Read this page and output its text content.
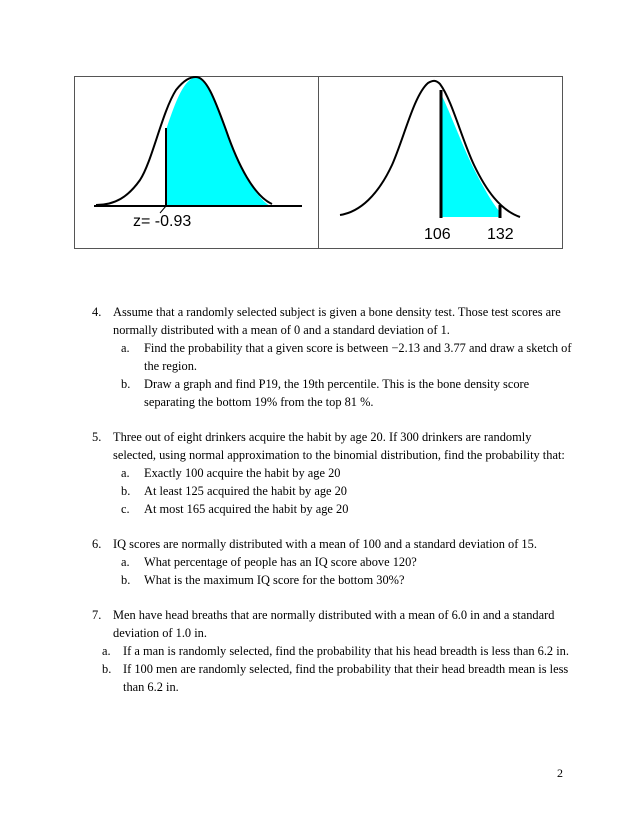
z= -0.93
106 132
4. Assume that a randomly selected subject is given a bone density test. Those test scores are normally distributed with a mean of 0 and a standard deviation of 1.
a. Find the probability that a given score is between −2.13 and 3.77 and draw a sketch of the region.
b. Draw a graph and find P19, the 19th percentile. This is the bone density score separating the bottom 19% from the top 81 %.
5. Three out of eight drinkers acquire the habit by age 20. If 300 drinkers are randomly selected, using normal approximation to the binomial distribution, find the probability that:
a. Exactly 100 acquire the habit by age 20
b. At least 125 acquired the habit by age 20
c. At most 165 acquired the habit by age 20
6. IQ scores are normally distributed with a mean of 100 and a standard deviation of 15.
a. What percentage of people has an IQ score above 120?
b. What is the maximum IQ score for the bottom 30%?
7. Men have head breaths that are normally distributed with a mean of 6.0 in and a standard deviation of 1.0 in.
a. If a man is randomly selected, find the probability that his head breadth is less than 6.2 in.
b. If 100 men are randomly selected, find the probability that their head breadth mean is less than 6.2 in.
2
